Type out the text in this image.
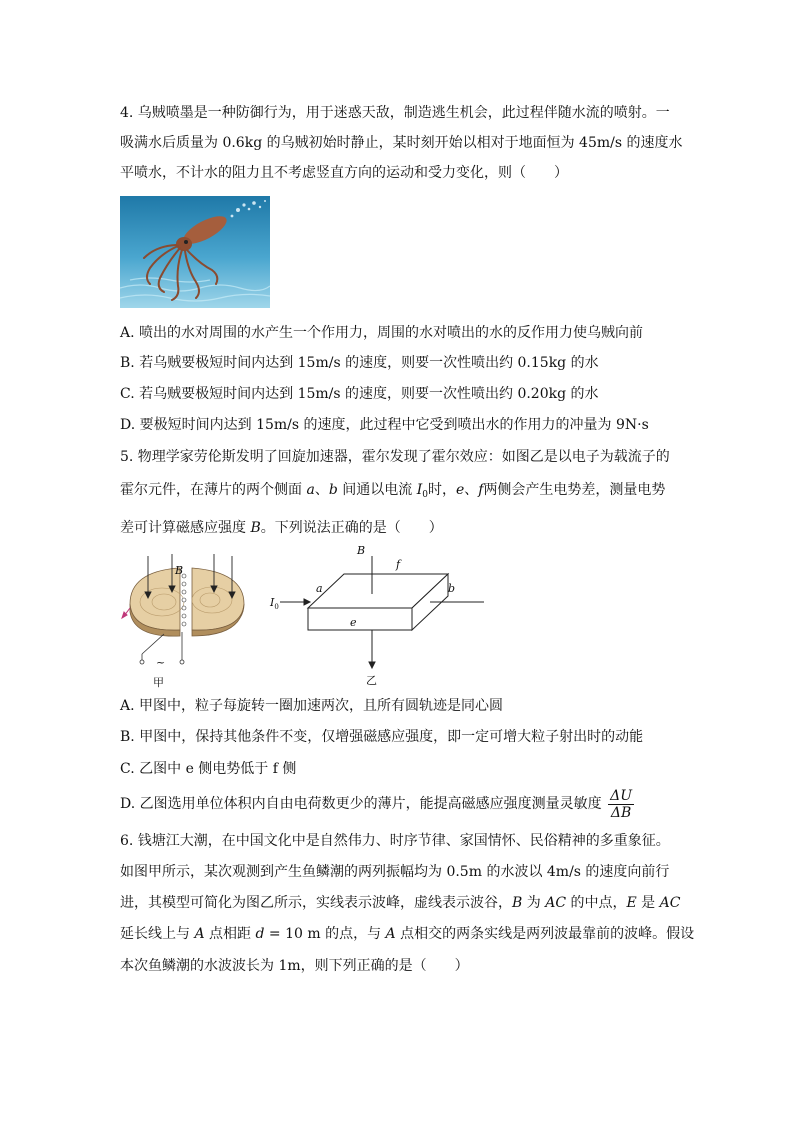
4. 乌贼喷墨是一种防御行为，用于迷惑天敌，制造逃生机会，此过程伴随水流的喷射。一
吸满水后质量为 0.6kg 的乌贼初始时静止，某时刻开始以相对于地面恒为 45m/s 的速度水
平喷水，不计水的阻力且不考虑竖直方向的运动和受力变化，则（　　）
A. 喷出的水对周围的水产生一个作用力，周围的水对喷出的水的反作用力使乌贼向前
B. 若乌贼要极短时间内达到 15m/s 的速度，则要一次性喷出约 0.15kg 的水
C. 若乌贼要极短时间内达到 15m/s 的速度，则要一次性喷出约 0.20kg 的水
D. 要极短时间内达到 15m/s 的速度，此过程中它受到喷出水的作用力的冲量为 9N·s
5. 物理学家劳伦斯发明了回旋加速器，霍尔发现了霍尔效应：如图乙是以电子为载流子的
霍尔元件，在薄片的两个侧面 a、b 间通以电流 $I_0$时，e、f两侧会产生电势差，测量电势
差可计算磁感应强度 B。下列说法正确的是（　　）
B
~
甲
B
f
a	b
e
$I_0$
乙
A. 甲图中，粒子每旋转一圈加速两次，且所有圆轨迹是同心圆
B. 甲图中，保持其他条件不变，仅增强磁感应强度，即一定可增大粒子射出时的动能
C. 乙图中 e 侧电势低于 f 侧
D. 乙图选用单位体积内自由电荷数更少的薄片，能提高磁感应强度测量灵敏度 $\frac{\Delta U}{\Delta B}$
6. 钱塘江大潮，在中国文化中是自然伟力、时序节律、家国情怀、民俗精神的多重象征。
如图甲所示，某次观测到产生鱼鳞潮的两列振幅均为 0.5m 的水波以 4m/s 的速度向前行
进，其模型可简化为图乙所示，实线表示波峰，虚线表示波谷，B 为 AC 的中点，E 是 AC
延长线上与 A 点相距 d = 10 m 的点，与 A 点相交的两条实线是两列波最靠前的波峰。假设
本次鱼鳞潮的水波波长为 1m，则下列正确的是（　　）
